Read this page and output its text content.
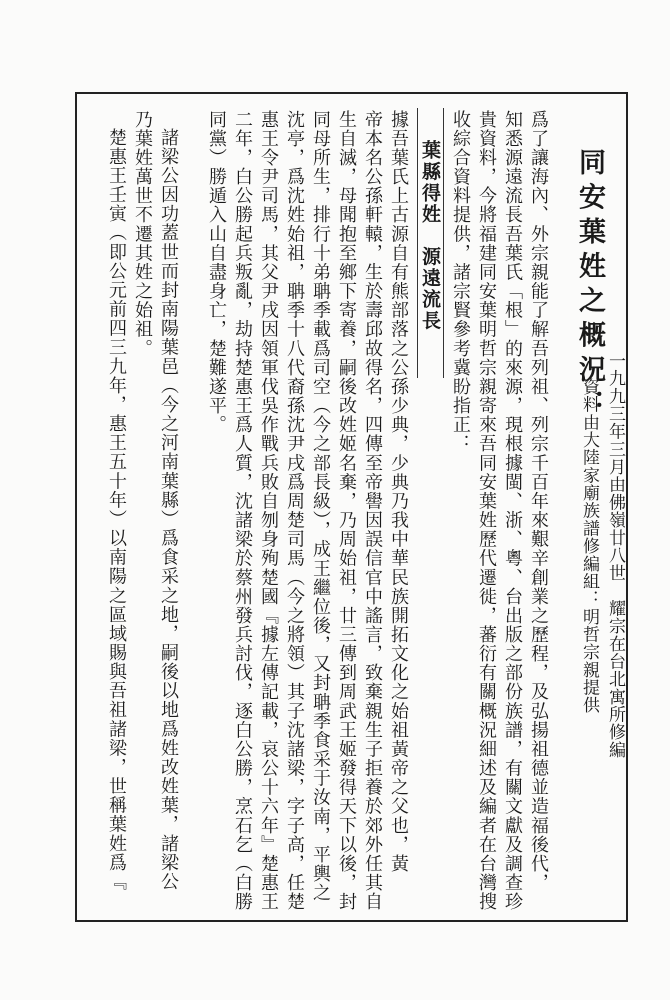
一九九三年三月由佛嶺廿八世　耀宗在台北寓所修編
資料由大陸家廟族譜修編組：明哲宗親提供
同安葉姓之概況：
爲了讓海內、外宗親能了解吾列祖、列宗千百年來艱辛創業之歷程，及弘揚祖德並造福後代，
知悉源遠流長吾葉氏「根」的來源，現根據閩、浙、粵、台出版之部份族譜，有關文獻及調查珍
貴資料，今將福建同安葉明哲宗親寄來吾同安葉姓歷代遷徙，蕃衍有關概況細述及編者在台灣搜
收綜合資料提供，諸宗賢參考冀盼指正：
葉縣得姓　源遠流長
據吾葉氏上古源自有熊部落之公孫少典，少典乃我中華民族開拓文化之始祖黃帝之父也，黃
帝本名公孫軒轅，生於壽邱故得名，四傳至帝嚳因誤信官中謠言，致棄親生子拒養於郊外任其自
生自滅，母聞抱至鄉下寄養，嗣後改姓姬名棄，乃周始祖，廿三傳到周武王姬發得天下以後，封
同母所生，排行十弟聃季載爲司空（今之部長級），成王繼位後，又封聃季食采于汝南，平輿之
沈亭，爲沈姓始祖，聃季十八代裔孫沈尹戌爲周楚司馬（今之將領）其子沈諸梁，字子高，任楚
惠王令尹司馬，其父尹戌因領軍伐吳作戰兵敗自刎身殉楚國『據左傳記載，哀公十六年』楚惠王
二年，白公勝起兵叛亂，劫持楚惠王爲人質，沈諸梁於蔡州發兵討伐，逐白公勝，烹石乞（白勝
同黨）勝遁入山自盡身亡，楚難遂平。
諸梁公因功蓋世而封南陽葉邑（今之河南葉縣）爲食采之地，嗣後以地爲姓改姓葉，諸梁公
乃葉姓萬世不遷其姓之始祖。
楚惠王壬寅（即公元前四三九年，惠王五十年）以南陽之區域賜與吾祖諸梁，世稱葉姓爲『
